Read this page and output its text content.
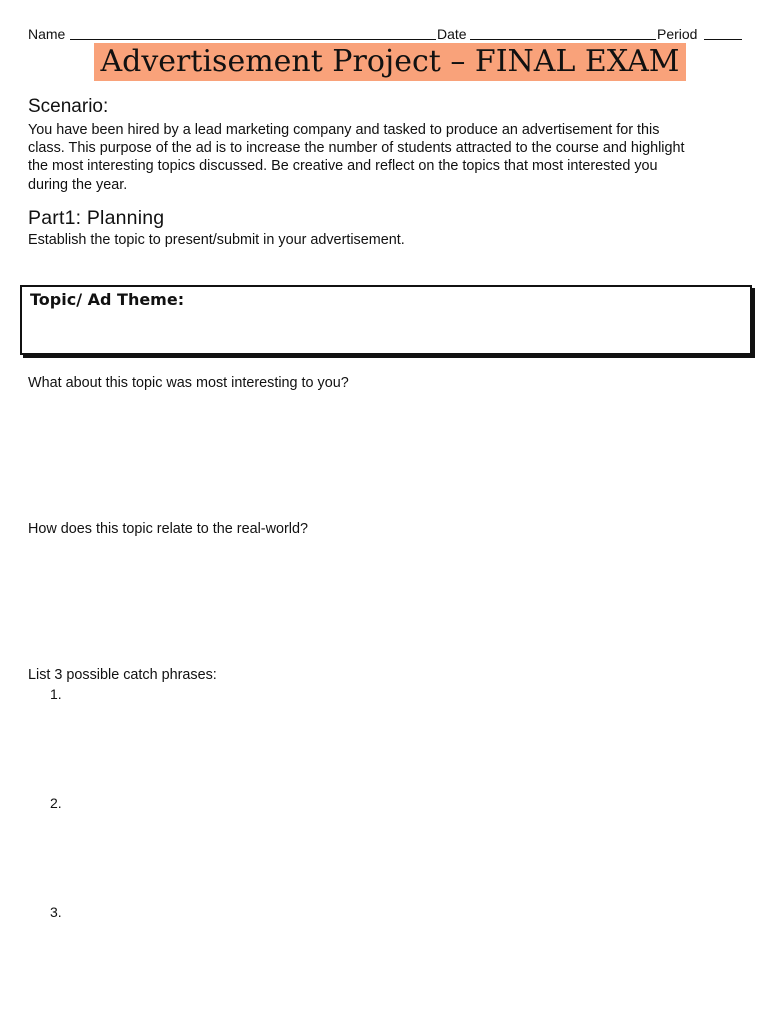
Name	Date	Period
Advertisement Project – FINAL EXAM
Scenario:
You have been hired by a lead marketing company and tasked to produce an advertisement for this
class. This purpose of the ad is to increase the number of students attracted to the course and highlight
the most interesting topics discussed. Be creative and reflect on the topics that most interested you
during the year.
Part1: Planning
Establish the topic to present/submit in your advertisement.
Topic/ Ad Theme:
What about this topic was most interesting to you?
How does this topic relate to the real-world?
List 3 possible catch phrases:
1.
2.
3.
